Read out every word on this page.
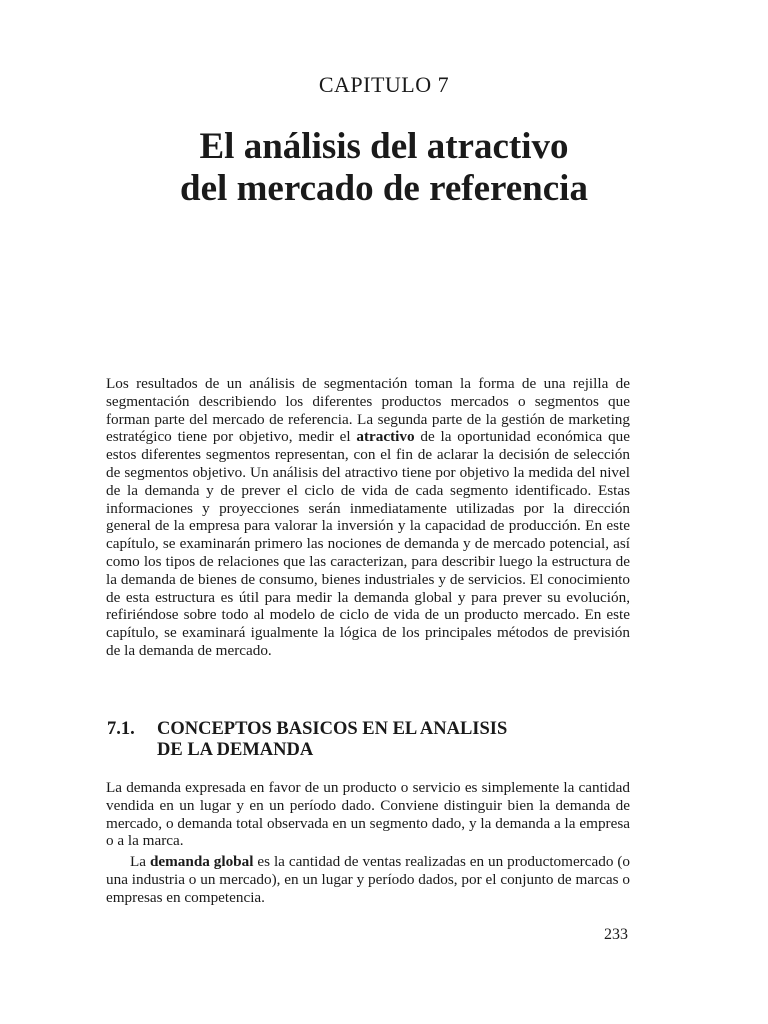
CAPITULO 7
El análisis del atractivo
del mercado de referencia

Los resultados de un análisis de segmentación toman la forma de una rejilla de segmentación describiendo los diferentes productos mercados o segmentos que forman parte del mercado de referencia. La segunda parte de la gestión de marketing estratégico tiene por objetivo, medir el atractivo de la oportunidad económica que estos diferentes segmentos representan, con el fin de aclarar la decisión de selección de segmentos objetivo. Un análisis del atractivo tiene por objetivo la medida del nivel de la demanda y de prever el ciclo de vida de cada segmento identificado. Estas informaciones y proyecciones serán inmediatamente utilizadas por la dirección general de la empresa para valorar la inversión y la capacidad de producción. En este capítulo, se examinarán primero las nociones de demanda y de mercado potencial, así como los tipos de relaciones que las caracterizan, para describir luego la estructura de la demanda de bienes de consumo, bienes industriales y de servicios. El conocimiento de esta estructura es útil para medir la demanda global y para prever su evolución, refiriéndose sobre todo al modelo de ciclo de vida de un producto mercado. En este capítulo, se examinará igualmente la lógica de los principales métodos de previsión de la demanda de mercado.

7.1. CONCEPTOS BASICOS EN EL ANALISIS
DE LA DEMANDA

La demanda expresada en favor de un producto o servicio es simplemente la cantidad vendida en un lugar y en un período dado. Conviene distinguir bien la demanda de mercado, o demanda total observada en un segmento dado, y la demanda a la empresa o a la marca.

La demanda global es la cantidad de ventas realizadas en un productomercado (o una industria o un mercado), en un lugar y período dados, por el conjunto de marcas o empresas en competencia.

233
